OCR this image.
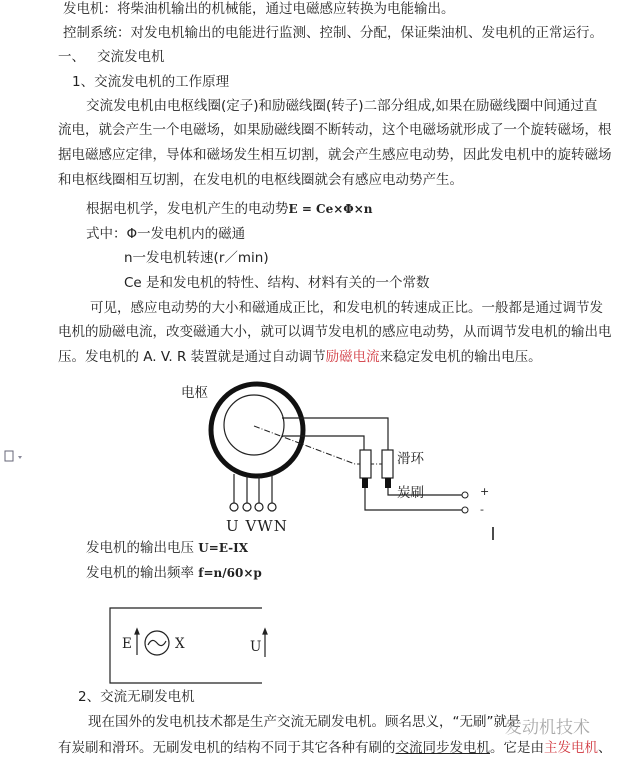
发电机：将柴油机输出的机械能，通过电磁感应转换为电能输出。
控制系统：对发电机输出的电能进行监测、控制、分配，保证柴油机、发电机的正常运行。
一、 交流发电机
1、交流发电机的工作原理
交流发电机由电枢线圈(定子)和励磁线圈(转子)二部分组成,如果在励磁线圈中间通过直
流电，就会产生一个电磁场，如果励磁线圈不断转动，这个电磁场就形成了一个旋转磁场，根
据电磁感应定律，导体和磁场发生相互切割，就会产生感应电动势，因此发电机中的旋转磁场
和电枢线圈相互切割，在发电机的电枢线圈就会有感应电动势产生。
根据电机学，发电机产生的电动势E = Ce×Φ×n
式中：Φ一发电机内的磁通
n一发电机转速(r／min)
Ce 是和发电机的特性、结构、材料有关的一个常数
可见，感应电动势的大小和磁通成正比，和发电机的转速成正比。一般都是通过调节发
电机的励磁电流，改变磁通大小，就可以调节发电机的感应电动势，从而调节发电机的输出电
压。发电机的 A. V. R 装置就是通过自动调节励磁电流来稳定发电机的输出电压。
电枢
滑环
炭刷	+
-
U VWN
发电机的输出电压 U=E-IX
发电机的输出频率 f=n/60×p
E	X	U
2、交流无刷发电机
现在国外的发电机技术都是生产交流无刷发电机。顾名思义，“无刷”就是
有炭刷和滑环。无刷发电机的结构不同于其它各种有刷的交流同步发电机。它是由主发电机、
发动机技术
